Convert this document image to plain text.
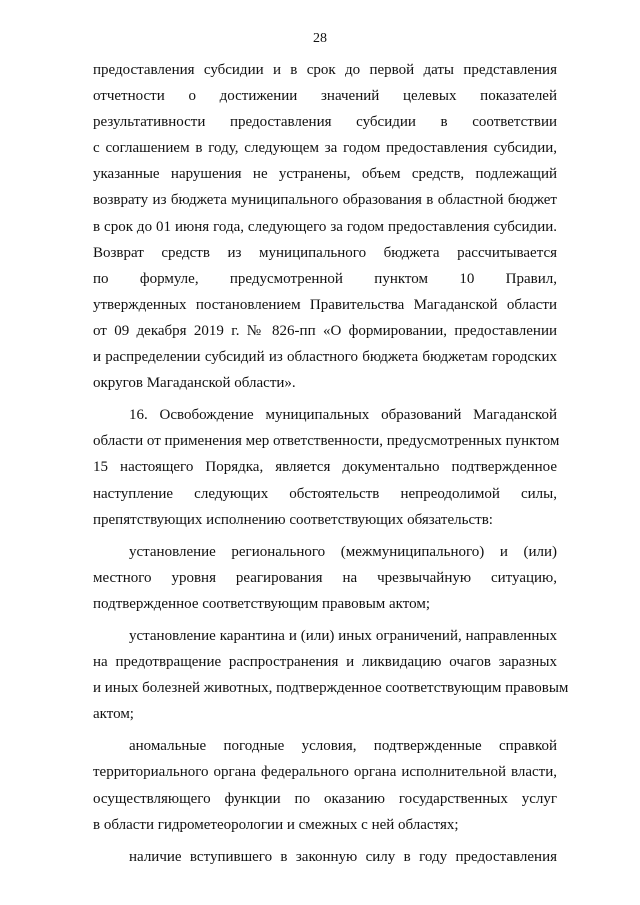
28
предоставления субсидии и в срок до первой даты представления
отчетности о достижении значений целевых показателей
результативности предоставления субсидии в соответствии
с соглашением в году, следующем за годом предоставления субсидии,
указанные нарушения не устранены, объем средств, подлежащий
возврату из бюджета муниципального образования в областной бюджет
в срок до 01 июня года, следующего за годом предоставления субсидии.
Возврат средств из муниципального бюджета рассчитывается
по формуле, предусмотренной пунктом 10 Правил,
утвержденных постановлением Правительства Магаданской области
от 09 декабря 2019 г. № 826-пп «О формировании, предоставлении
и распределении субсидий из областного бюджета бюджетам городских
округов Магаданской области».
16. Освобождение муниципальных образований Магаданской
области от применения мер ответственности, предусмотренных пунктом
15 настоящего Порядка, является документально подтвержденное
наступление следующих обстоятельств непреодолимой силы,
препятствующих исполнению соответствующих обязательств:
установление регионального (межмуниципального) и (или)
местного уровня реагирования на чрезвычайную ситуацию,
подтвержденное соответствующим правовым актом;
установление карантина и (или) иных ограничений, направленных
на предотвращение распространения и ликвидацию очагов заразных
и иных болезней животных, подтвержденное соответствующим правовым
актом;
аномальные погодные условия, подтвержденные справкой
территориального органа федерального органа исполнительной власти,
осуществляющего функции по оказанию государственных услуг
в области гидрометеорологии и смежных с ней областях;
наличие вступившего в законную силу в году предоставления
